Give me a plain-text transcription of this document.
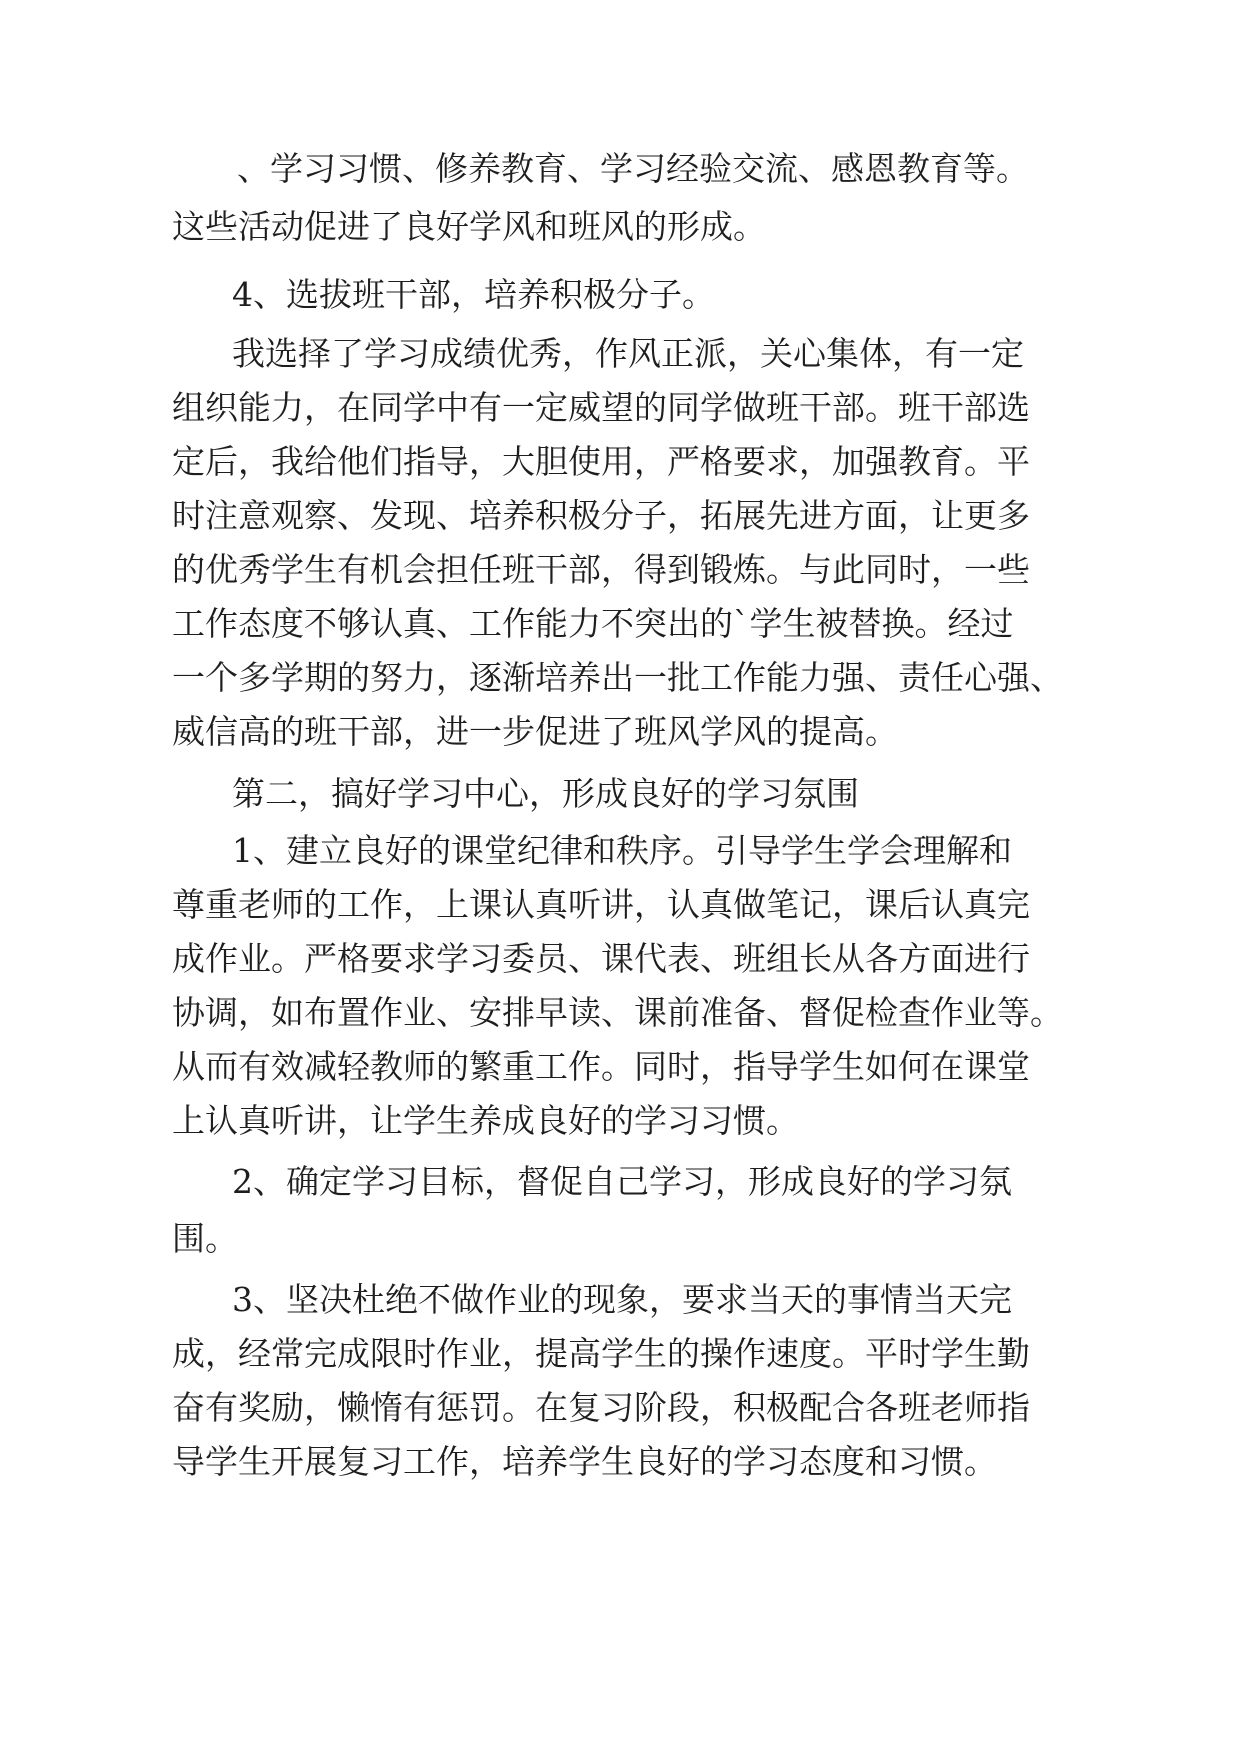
、学习习惯、修养教育、学习经验交流、感恩教育等。
这些活动促进了良好学风和班风的形成。
4、选拔班干部，培养积极分子。
我选择了学习成绩优秀，作风正派，关心集体，有一定
组织能力，在同学中有一定威望的同学做班干部。班干部选
定后，我给他们指导，大胆使用，严格要求，加强教育。平
时注意观察、发现、培养积极分子，拓展先进方面，让更多
的优秀学生有机会担任班干部，得到锻炼。与此同时，一些
工作态度不够认真、工作能力不突出的`学生被替换。经过
一个多学期的努力，逐渐培养出一批工作能力强、责任心强、
威信高的班干部，进一步促进了班风学风的提高。
第二，搞好学习中心，形成良好的学习氛围
1、建立良好的课堂纪律和秩序。引导学生学会理解和
尊重老师的工作，上课认真听讲，认真做笔记，课后认真完
成作业。严格要求学习委员、课代表、班组长从各方面进行
协调，如布置作业、安排早读、课前准备、督促检查作业等。
从而有效减轻教师的繁重工作。同时，指导学生如何在课堂
上认真听讲，让学生养成良好的学习习惯。
2、确定学习目标，督促自己学习，形成良好的学习氛
围。
3、坚决杜绝不做作业的现象，要求当天的事情当天完
成，经常完成限时作业，提高学生的操作速度。平时学生勤
奋有奖励，懒惰有惩罚。在复习阶段，积极配合各班老师指
导学生开展复习工作，培养学生良好的学习态度和习惯。
